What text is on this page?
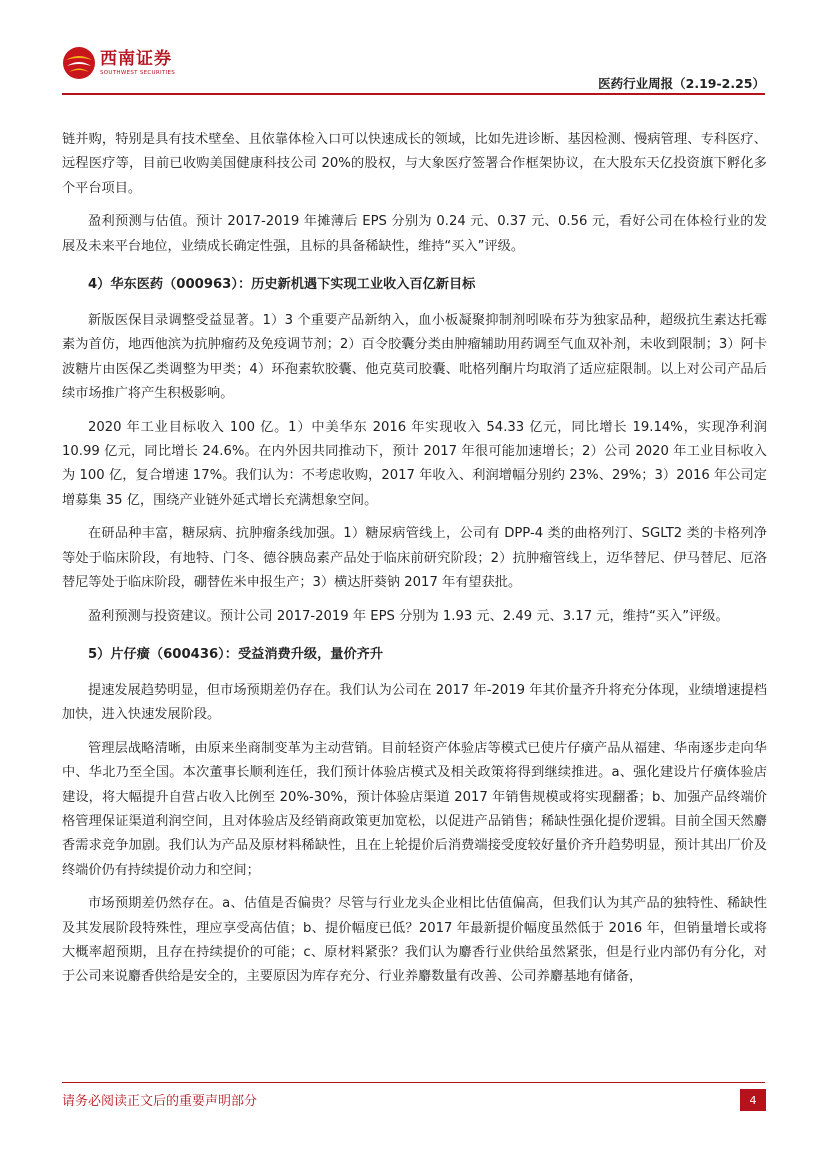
西南证券
SOUTHWEST SECURITIES
医药行业周报（2.19-2.25）

链并购，特别是具有技术壁垒、且依靠体检入口可以快速成长的领域，比如先进诊断、基因检测、慢病管理、专科医疗、远程医疗等，目前已收购美国健康科技公司 20%的股权，与大象医疗签署合作框架协议，在大股东天亿投资旗下孵化多个平台项目。

盈利预测与估值。预计 2017-2019 年摊薄后 EPS 分别为 0.24 元、0.37 元、0.56 元，看好公司在体检行业的发展及未来平台地位，业绩成长确定性强，且标的具备稀缺性，维持“买入”评级。

4）华东医药（000963）：历史新机遇下实现工业收入百亿新目标

新版医保目录调整受益显著。1）3 个重要产品新纳入，血小板凝聚抑制剂吲哚布芬为独家品种，超级抗生素达托霉素为首仿，地西他滨为抗肿瘤药及免疫调节剂；2）百令胶囊分类由肿瘤辅助用药调至气血双补剂，未收到限制；3）阿卡波糖片由医保乙类调整为甲类；4）环孢素软胶囊、他克莫司胶囊、吡格列酮片均取消了适应症限制。以上对公司产品后续市场推广将产生积极影响。

2020 年工业目标收入 100 亿。1）中美华东 2016 年实现收入 54.33 亿元，同比增长 19.14%，实现净利润 10.99 亿元，同比增长 24.6%。在内外因共同推动下，预计 2017 年很可能加速增长；2）公司 2020 年工业目标收入为 100 亿，复合增速 17%。我们认为：不考虑收购，2017 年收入、利润增幅分别约 23%、29%；3）2016 年公司定增募集 35 亿，围绕产业链外延式增长充满想象空间。

在研品种丰富，糖尿病、抗肿瘤条线加强。1）糖尿病管线上，公司有 DPP-4 类的曲格列汀、SGLT2 类的卡格列净等处于临床阶段，有地特、门冬、德谷胰岛素产品处于临床前研究阶段；2）抗肿瘤管线上，迈华替尼、伊马替尼、厄洛替尼等处于临床阶段，硼替佐米申报生产；3）横达肝葵钠 2017 年有望获批。

盈利预测与投资建议。预计公司 2017-2019 年 EPS 分别为 1.93 元、2.49 元、3.17 元，维持“买入”评级。

5）片仔癀（600436）：受益消费升级，量价齐升

提速发展趋势明显，但市场预期差仍存在。我们认为公司在 2017 年-2019 年其价量齐升将充分体现，业绩增速提档加快，进入快速发展阶段。

管理层战略清晰，由原来坐商制变革为主动营销。目前轻资产体验店等模式已使片仔癀产品从福建、华南逐步走向华中、华北乃至全国。本次董事长顺利连任，我们预计体验店模式及相关政策将得到继续推进。a、强化建设片仔癀体验店建设，将大幅提升自营占收入比例至 20%-30%，预计体验店渠道 2017 年销售规模或将实现翻番；b、加强产品终端价格管理保证渠道利润空间，且对体验店及经销商政策更加宽松，以促进产品销售；稀缺性强化提价逻辑。目前全国天然麝香需求竞争加剧。我们认为产品及原材料稀缺性，且在上轮提价后消费端接受度较好量价齐升趋势明显，预计其出厂价及终端价仍有持续提价动力和空间；

市场预期差仍然存在。a、估值是否偏贵？尽管与行业龙头企业相比估值偏高，但我们认为其产品的独特性、稀缺性及其发展阶段特殊性，理应享受高估值；b、提价幅度已低？2017 年最新提价幅度虽然低于 2016 年，但销量增长或将大概率超预期，且存在持续提价的可能；c、原材料紧张？我们认为麝香行业供给虽然紧张，但是行业内部仍有分化，对于公司来说麝香供给是安全的，主要原因为库存充分、行业养麝数量有改善、公司养麝基地有储备，

请务必阅读正文后的重要声明部分	4
